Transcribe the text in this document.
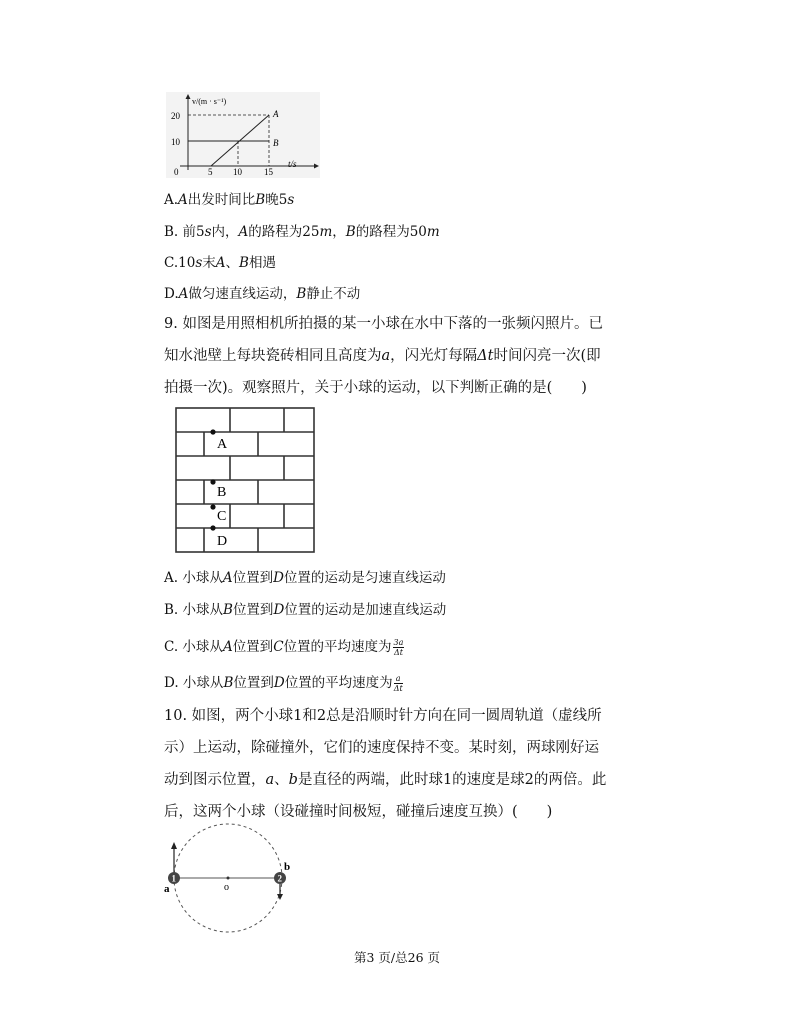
v/(m · s⁻¹)
20
10
0	5 10 15
t/s
A
B
A.A出发时间比B晚5s
B. 前5s内，A的路程为25m，B的路程为50m
C.10s末A、B相遇
D.A做匀速直线运动，B静止不动
9. 如图是用照相机所拍摄的某一小球在水中下落的一张频闪照片。已
知水池壁上每块瓷砖相同且高度为a，闪光灯每隔Δt时间闪亮一次(即
拍摄一次)。观察照片，关于小球的运动，以下判断正确的是(　　)
A
B
C
D
A. 小球从A位置到D位置的运动是匀速直线运动
B. 小球从B位置到D位置的运动是加速直线运动
C. 小球从A位置到C位置的平均速度为 $\frac{3a}{\Delta t}$
D. 小球从B位置到D位置的平均速度为 $\frac{a}{\Delta t}$
10. 如图，两个小球1和2总是沿顺时针方向在同一圆周轨道（虚线所
示）上运动，除碰撞外，它们的速度保持不变。某时刻，两球刚好运
动到图示位置，a、b是直径的两端，此时球1的速度是球2的两倍。此
后，这两个小球（设碰撞时间极短，碰撞后速度互换）(　　)
o
1
a
2
b
第3 页/总26 页
